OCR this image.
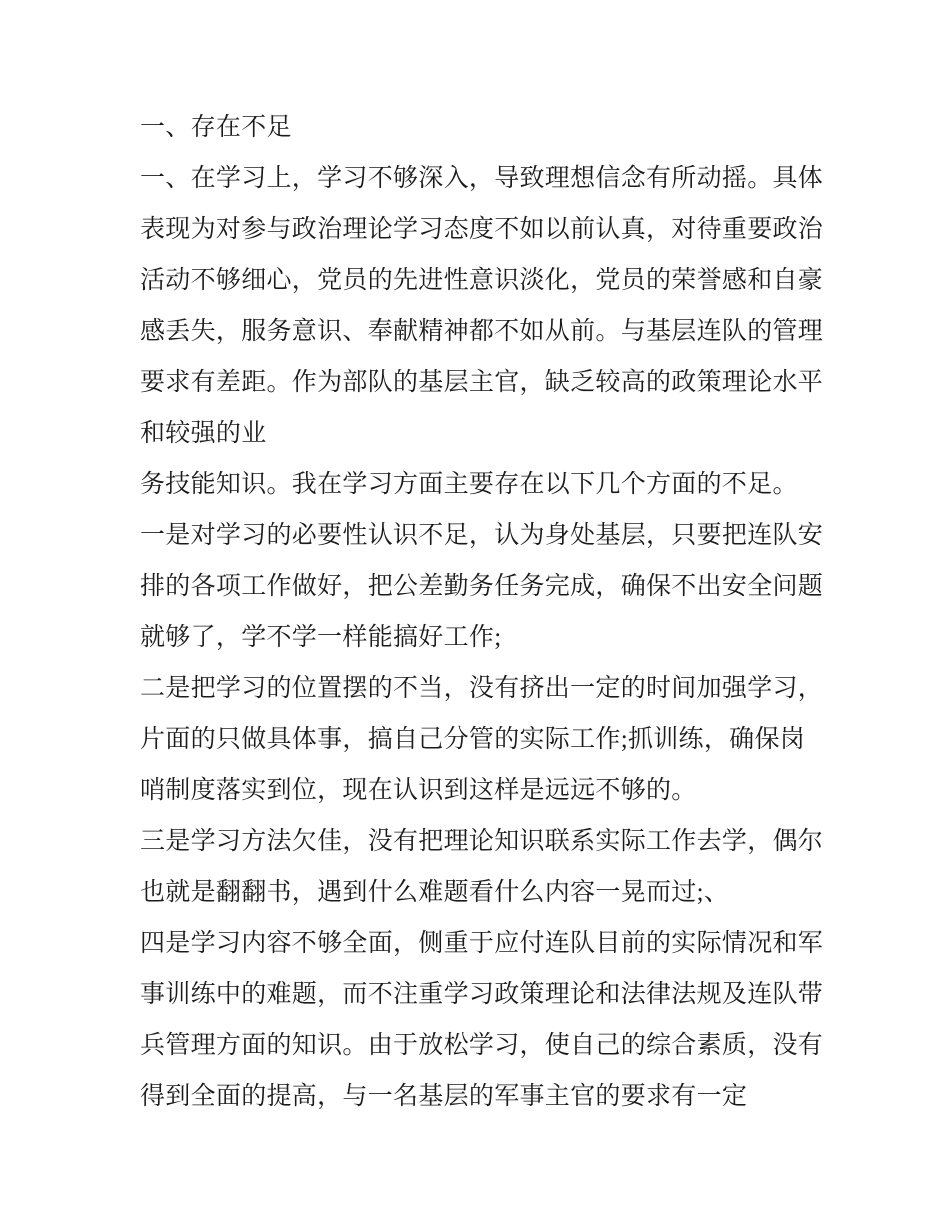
一、存在不足
一、在学习上，学习不够深入，导致理想信念有所动摇。具体
表现为对参与政治理论学习态度不如以前认真，对待重要政治
活动不够细心，党员的先进性意识淡化，党员的荣誉感和自豪
感丢失，服务意识、奉献精神都不如从前。与基层连队的管理
要求有差距。作为部队的基层主官，缺乏较高的政策理论水平
和较强的业
务技能知识。我在学习方面主要存在以下几个方面的不足。
一是对学习的必要性认识不足，认为身处基层，只要把连队安
排的各项工作做好，把公差勤务任务完成，确保不出安全问题
就够了，学不学一样能搞好工作;
二是把学习的位置摆的不当，没有挤出一定的时间加强学习，
片面的只做具体事，搞自己分管的实际工作;抓训练，确保岗
哨制度落实到位，现在认识到这样是远远不够的。
三是学习方法欠佳，没有把理论知识联系实际工作去学，偶尔
也就是翻翻书，遇到什么难题看什么内容一晃而过;、
四是学习内容不够全面，侧重于应付连队目前的实际情况和军
事训练中的难题，而不注重学习政策理论和法律法规及连队带
兵管理方面的知识。由于放松学习，使自己的综合素质，没有
得到全面的提高，与一名基层的军事主官的要求有一定
